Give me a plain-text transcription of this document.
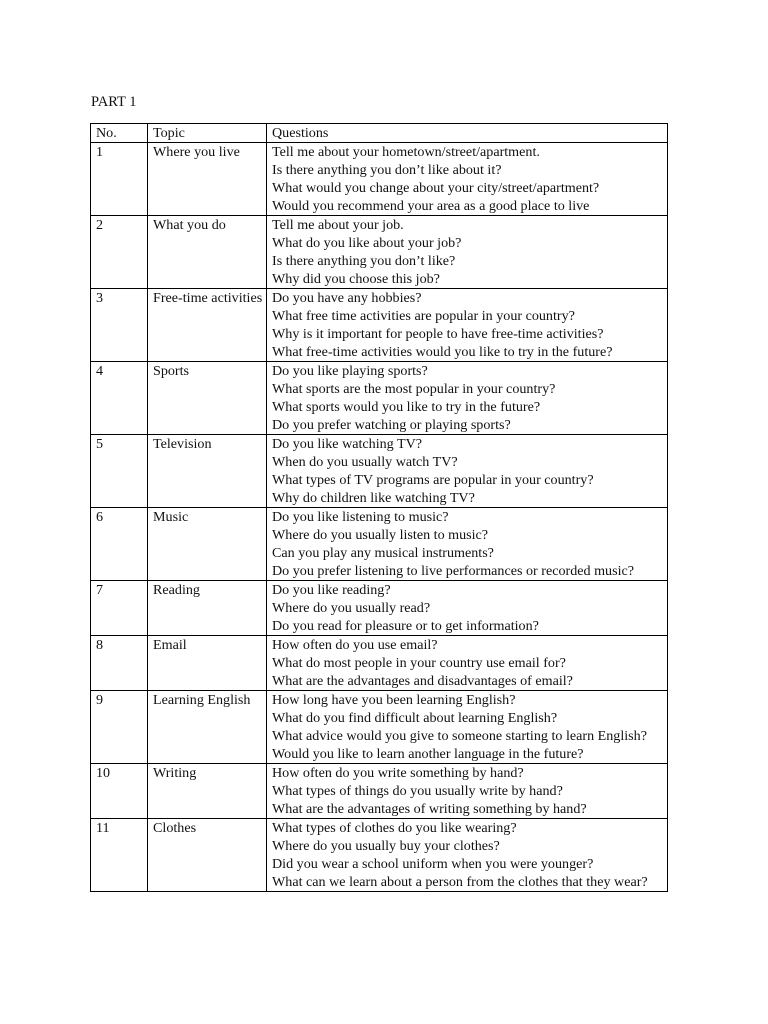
PART 1
No.	Topic	Questions
1	Where you live	Tell me about your hometown/street/apartment.
Is there anything you don’t like about it?
What would you change about your city/street/apartment?
Would you recommend your area as a good place to live

2	What you do	Tell me about your job.
What do you like about your job?
Is there anything you don’t like?
Why did you choose this job?

3	Free-time activities	Do you have any hobbies?
What free time activities are popular in your country?
Why is it important for people to have free-time activities?
What free-time activities would you like to try in the future?

4	Sports	Do you like playing sports?
What sports are the most popular in your country?
What sports would you like to try in the future?
Do you prefer watching or playing sports?

5	Television	Do you like watching TV?
When do you usually watch TV?
What types of TV programs are popular in your country?
Why do children like watching TV?

6	Music	Do you like listening to music?
Where do you usually listen to music?
Can you play any musical instruments?
Do you prefer listening to live performances or recorded music?

7	Reading	Do you like reading?
Where do you usually read?
Do you read for pleasure or to get information?

8	Email	How often do you use email?
What do most people in your country use email for?
What are the advantages and disadvantages of email?

9	Learning English	How long have you been learning English?
What do you find difficult about learning English?
What advice would you give to someone starting to learn English?
Would you like to learn another language in the future?

10	Writing	How often do you write something by hand?
What types of things do you usually write by hand?
What are the advantages of writing something by hand?

11	Clothes	What types of clothes do you like wearing?
Where do you usually buy your clothes?
Did you wear a school uniform when you were younger?
What can we learn about a person from the clothes that they wear?
